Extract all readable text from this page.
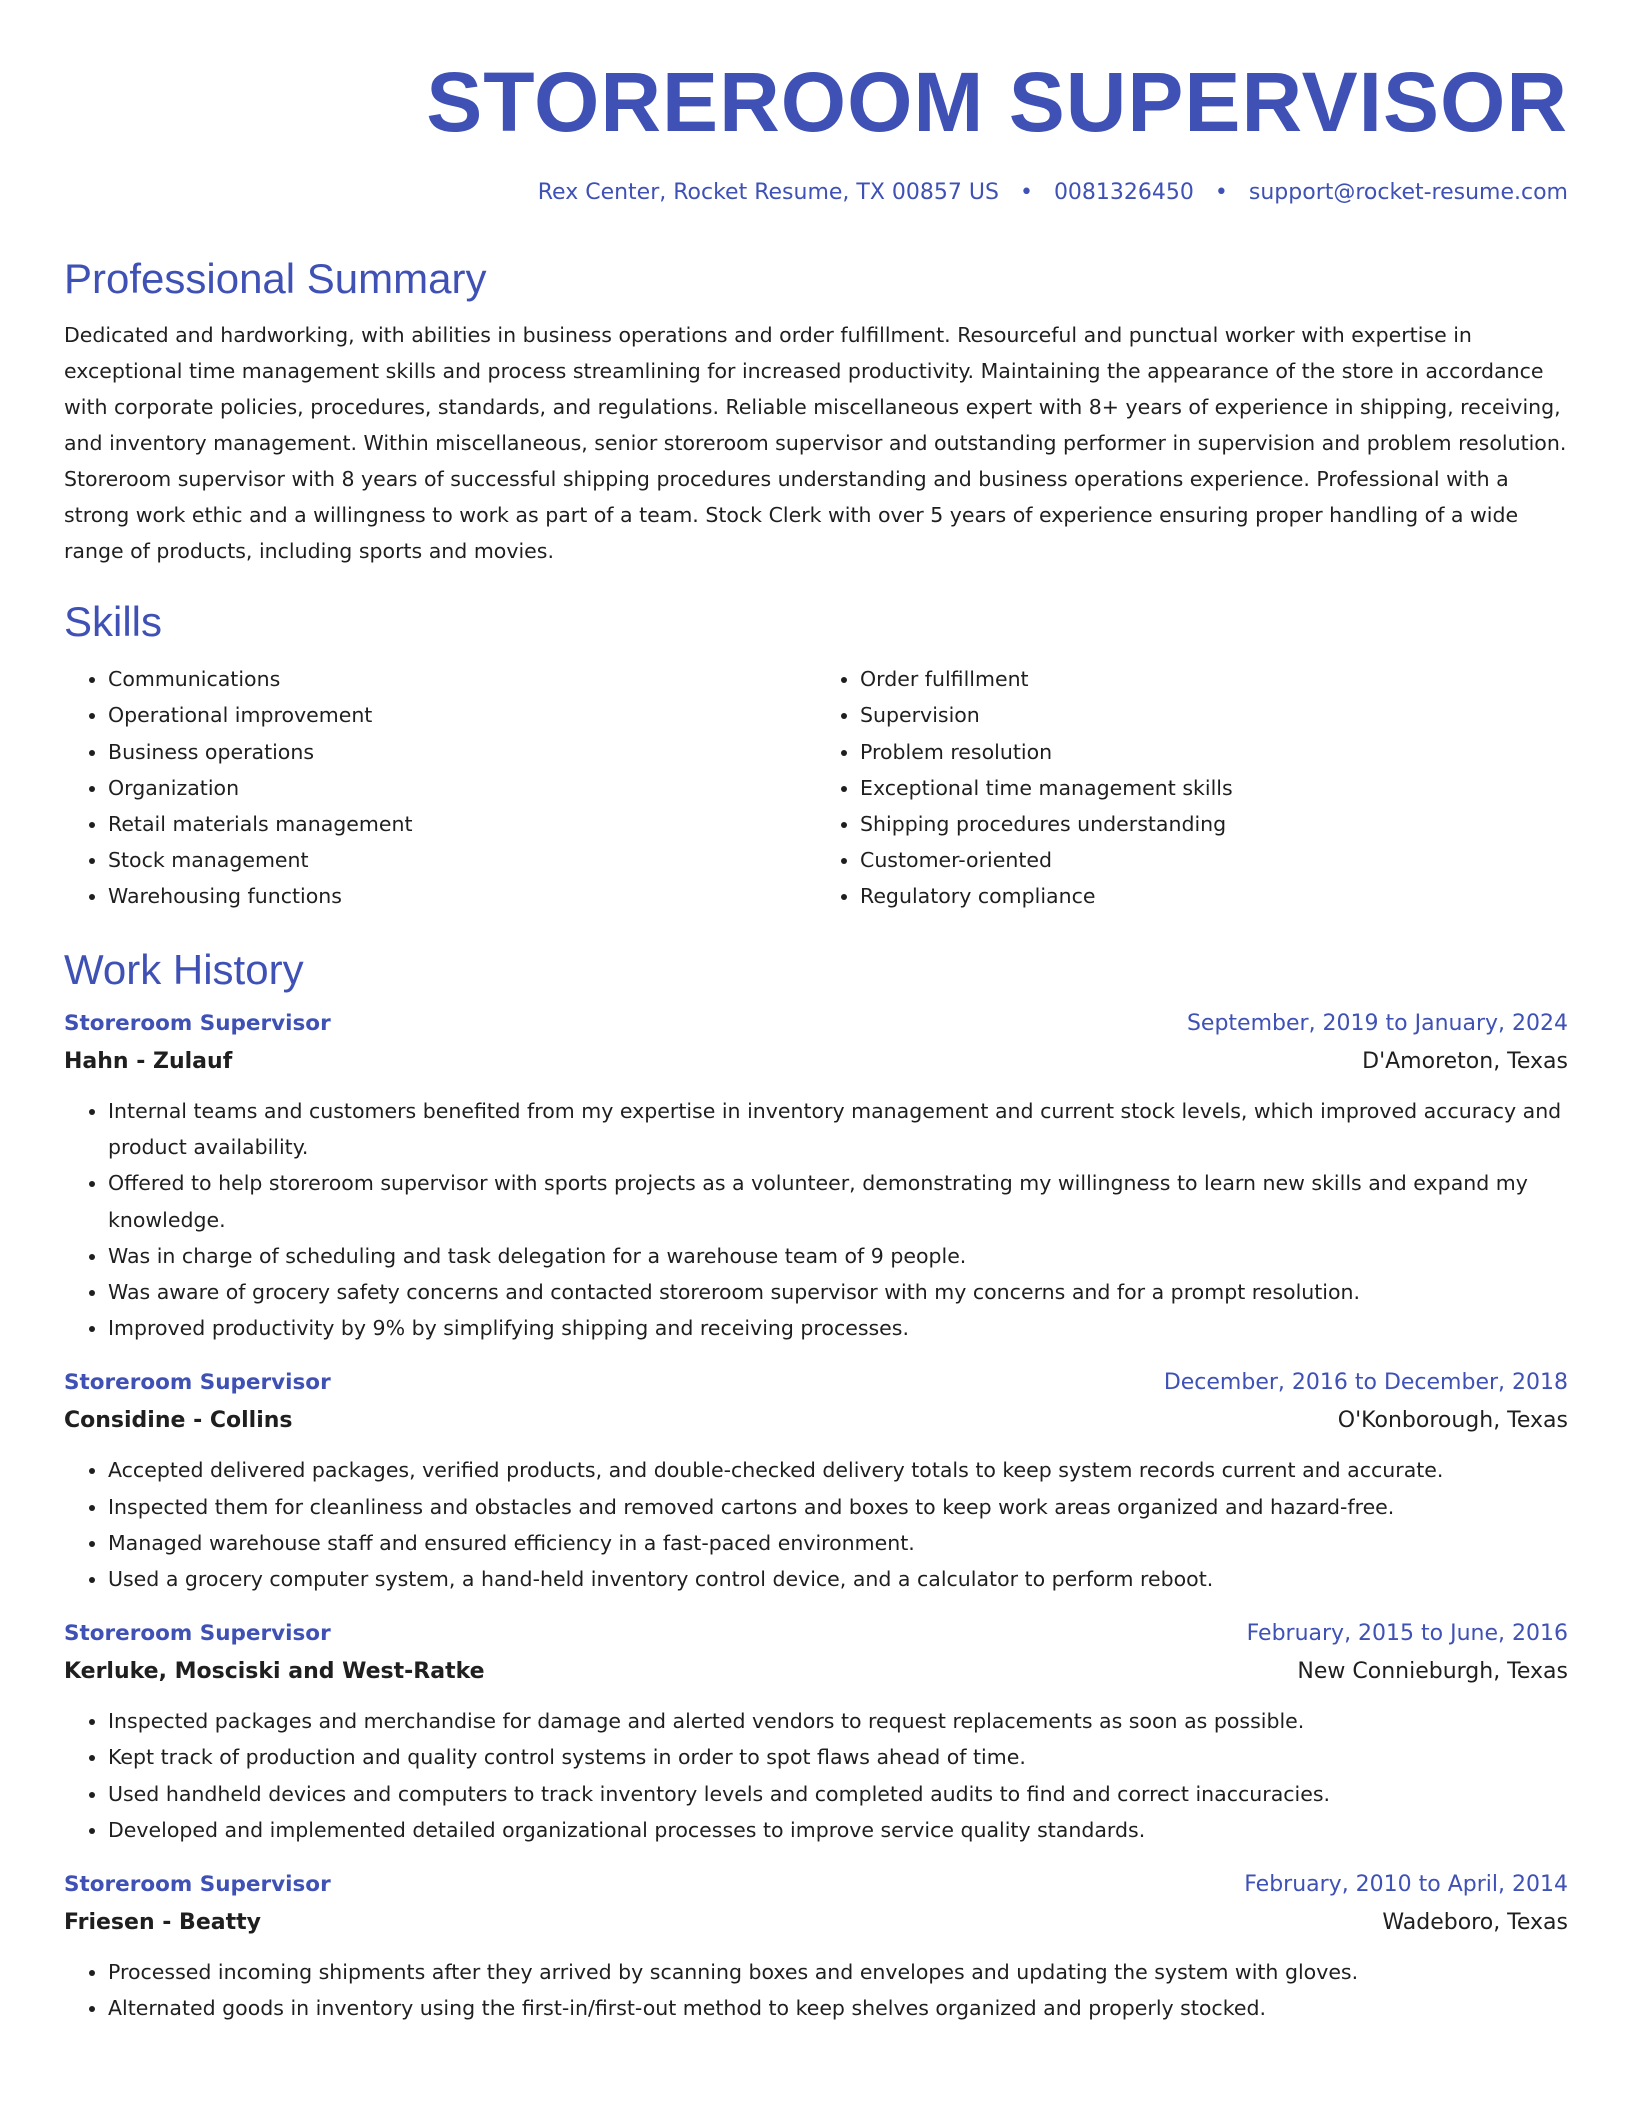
STOREROOM SUPERVISOR
Rex Center, Rocket Resume, TX 00857 US • 0081326450 • support@rocket-resume.com
Professional Summary

Dedicated and hardworking, with abilities in business operations and order fulfillment. Resourceful and punctual worker with expertise in exceptional time management skills and process streamlining for increased productivity. Maintaining the appearance of the store in accordance with corporate policies, procedures, standards, and regulations. Reliable miscellaneous expert with 8+ years of experience in shipping, receiving, and inventory management. Within miscellaneous, senior storeroom supervisor and outstanding performer in supervision and problem resolution. Storeroom supervisor with 8 years of successful shipping procedures understanding and business operations experience. Professional with a strong work ethic and a willingness to work as part of a team. Stock Clerk with over 5 years of experience ensuring proper handling of a wide range of products, including sports and movies.

Skills
• Communications
• Operational improvement
• Business operations
• Organization
• Retail materials management
• Stock management
• Warehousing functions
• Order fulfillment
• Supervision
• Problem resolution
• Exceptional time management skills
• Shipping procedures understanding
• Customer-oriented
• Regulatory compliance
Work History
Storeroom Supervisor	September, 2019 to January, 2024
Hahn - Zulauf	D'Amoreton, Texas
• Internal teams and customers benefited from my expertise in inventory management and current stock levels, which improved accuracy and product availability.
• Offered to help storeroom supervisor with sports projects as a volunteer, demonstrating my willingness to learn new skills and expand my knowledge.
• Was in charge of scheduling and task delegation for a warehouse team of 9 people.
• Was aware of grocery safety concerns and contacted storeroom supervisor with my concerns and for a prompt resolution.
• Improved productivity by 9% by simplifying shipping and receiving processes.
Storeroom Supervisor	December, 2016 to December, 2018
Considine - Collins	O'Konborough, Texas
• Accepted delivered packages, verified products, and double-checked delivery totals to keep system records current and accurate.
• Inspected them for cleanliness and obstacles and removed cartons and boxes to keep work areas organized and hazard-free.
• Managed warehouse staff and ensured efficiency in a fast-paced environment.
• Used a grocery computer system, a hand-held inventory control device, and a calculator to perform reboot.
Storeroom Supervisor	February, 2015 to June, 2016
Kerluke, Mosciski and West-Ratke	New Connieburgh, Texas
• Inspected packages and merchandise for damage and alerted vendors to request replacements as soon as possible.
• Kept track of production and quality control systems in order to spot flaws ahead of time.
• Used handheld devices and computers to track inventory levels and completed audits to find and correct inaccuracies.
• Developed and implemented detailed organizational processes to improve service quality standards.
Storeroom Supervisor	February, 2010 to April, 2014
Friesen - Beatty	Wadeboro, Texas
• Processed incoming shipments after they arrived by scanning boxes and envelopes and updating the system with gloves.
• Alternated goods in inventory using the first-in/first-out method to keep shelves organized and properly stocked.
